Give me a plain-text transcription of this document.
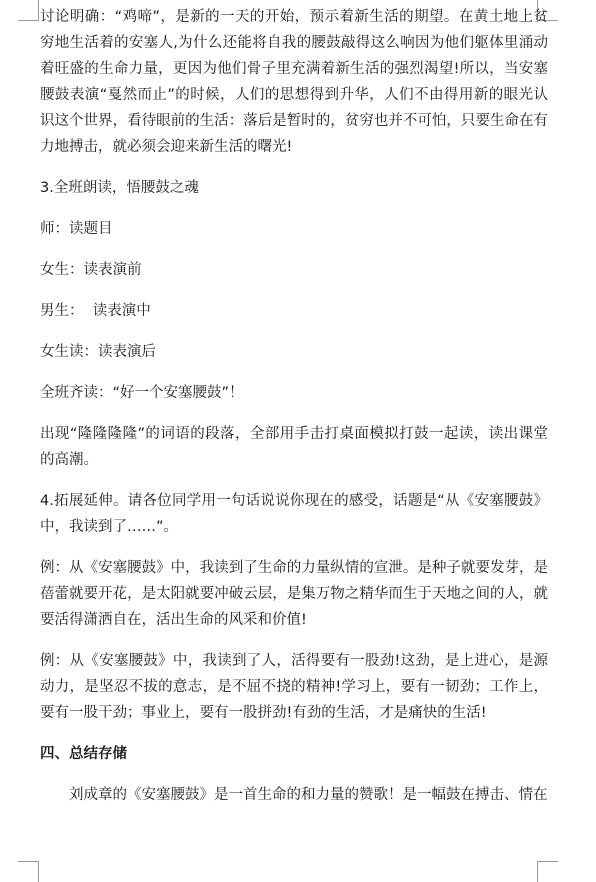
讨论明确：“鸡啼”，是新的一天的开始，预示着新生活的期望。在黄土地上贫穷地生活着的安塞人,为什么还能将自我的腰鼓敲得这么响因为他们躯体里涌动着旺盛的生命力量，更因为他们骨子里充满着新生活的强烈渴望!所以，当安塞腰鼓表演“戛然而止”的时候，人们的思想得到升华，人们不由得用新的眼光认识这个世界，看待眼前的生活：落后是暂时的，贫穷也并不可怕，只要生命在有力地搏击，就必须会迎来新生活的曙光!

3.全班朗读，悟腰鼓之魂

师：读题目

女生：读表演前

男生：  读表演中

女生读：读表演后

全班齐读：“好一个安塞腰鼓”！

出现“隆隆隆隆”的词语的段落，全部用手击打桌面模拟打鼓一起读，读出课堂的高潮。

4.拓展延伸。请各位同学用一句话说说你现在的感受，话题是“从《安塞腰鼓》中，我读到了……”。

例：从《安塞腰鼓》中，我读到了生命的力量纵情的宣泄。是种子就要发芽，是蓓蕾就要开花，是太阳就要冲破云层，是集万物之精华而生于天地之间的人，就要活得潇洒自在，活出生命的风采和价值!

例：从《安塞腰鼓》中，我读到了人，活得要有一股劲!这劲，是上进心，是源动力，是坚忍不拔的意志，是不屈不挠的精神!学习上，要有一韧劲；工作上，要有一股干劲；事业上，要有一股拼劲!有劲的生活，才是痛快的生活!

四、总结存储

刘成章的《安塞腰鼓》是一首生命的和力量的赞歌！是一幅鼓在搏击、情在
